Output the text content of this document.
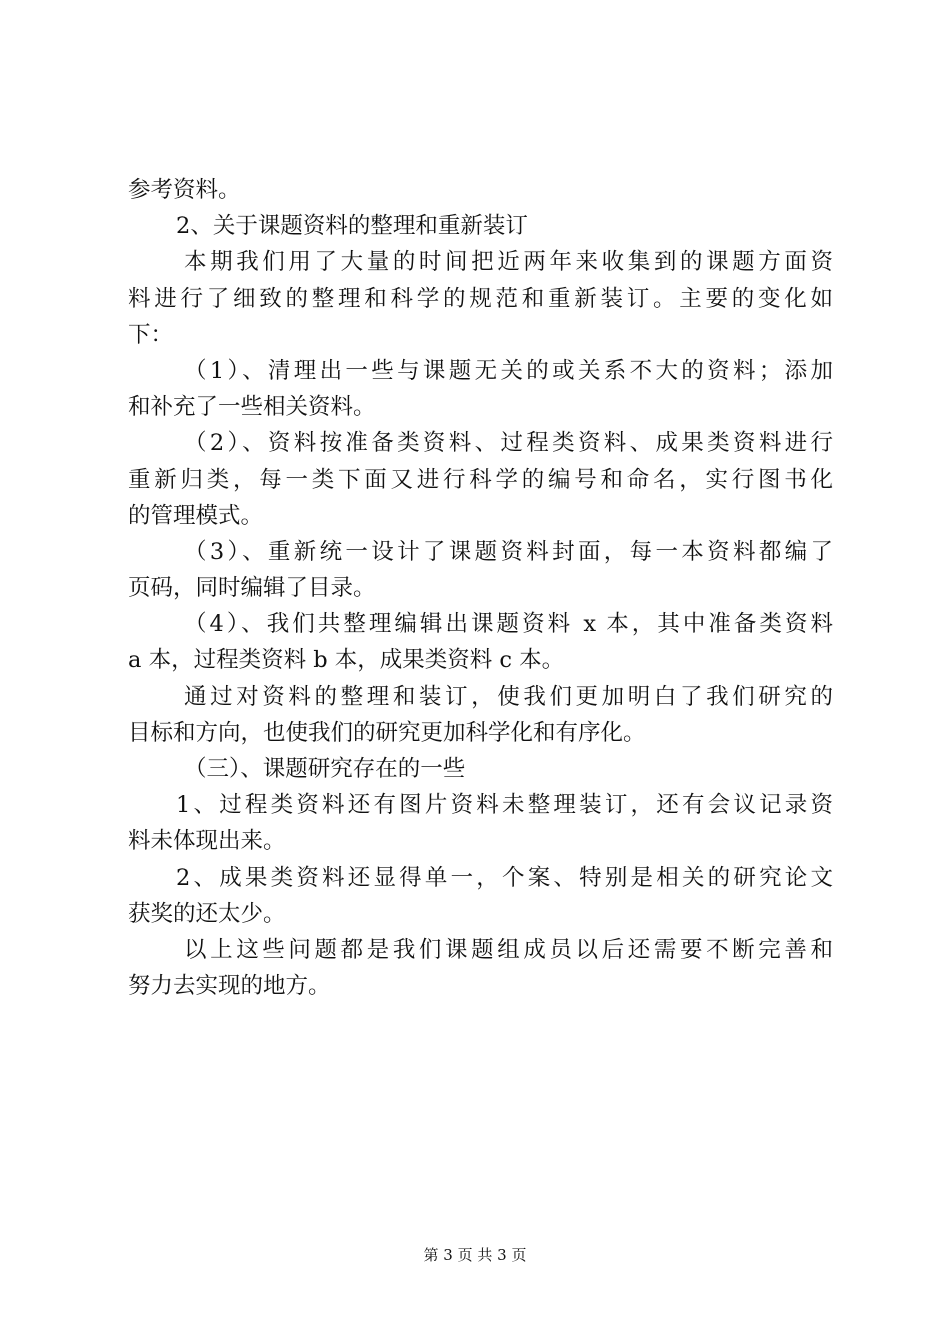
参考资料。
2、关于课题资料的整理和重新装订
本期我们用了大量的时间把近两年来收集到的课题方面资
料进行了细致的整理和科学的规范和重新装订。主要的变化如
下：
（1）、清理出一些与课题无关的或关系不大的资料；添加
和补充了一些相关资料。
（2）、资料按准备类资料、过程类资料、成果类资料进行
重新归类，每一类下面又进行科学的编号和命名，实行图书化
的管理模式。
（3）、重新统一设计了课题资料封面，每一本资料都编了
页码，同时编辑了目录。
（4）、我们共整理编辑出课题资料 x 本，其中准备类资料
a 本，过程类资料 b 本，成果类资料 c 本。
通过对资料的整理和装订，使我们更加明白了我们研究的
目标和方向，也使我们的研究更加科学化和有序化。
（三）、课题研究存在的一些
1、过程类资料还有图片资料未整理装订，还有会议记录资
料未体现出来。
2、成果类资料还显得单一，个案、特别是相关的研究论文
获奖的还太少。
以上这些问题都是我们课题组成员以后还需要不断完善和
努力去实现的地方。
第 3 页 共 3 页
